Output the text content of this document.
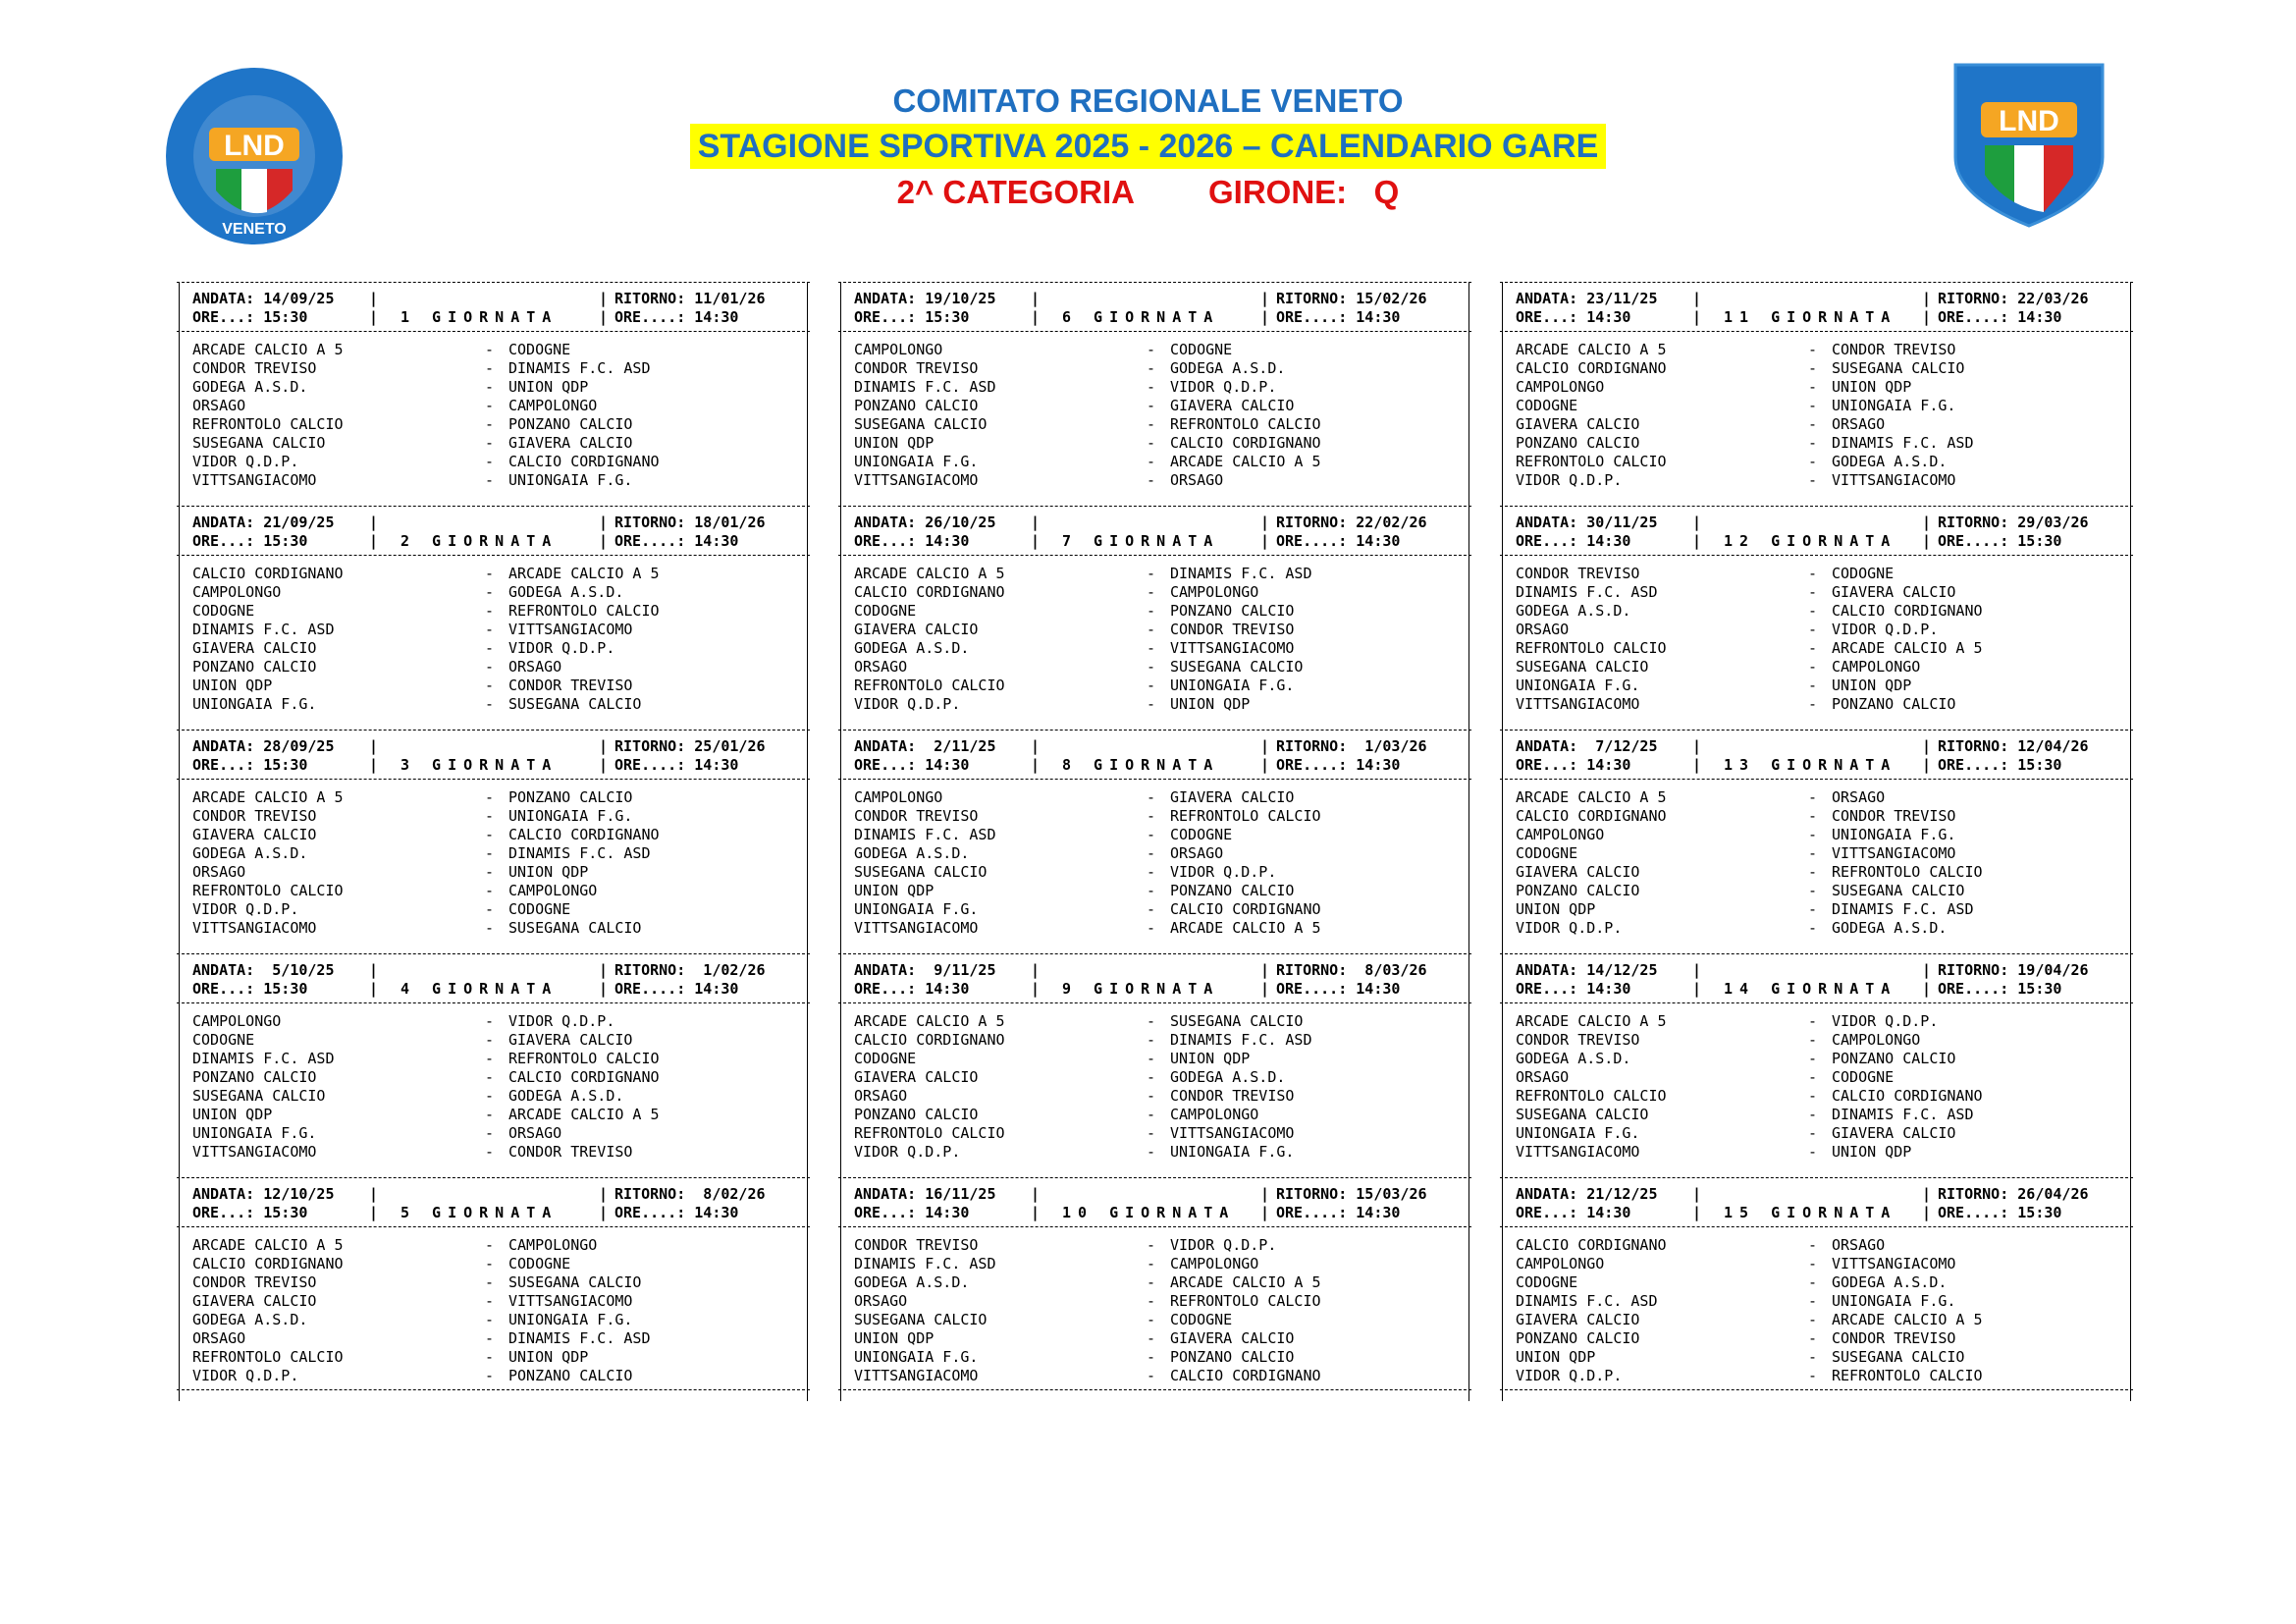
LND
VENETO
LND
COMITATO REGIONALE VENETO
STAGIONE SPORTIVA 2025 - 2026 – CALENDARIO GARE
2^ CATEGORIA GIRONE: Q
ANDATA: 14/09/25 |	| RITORNO: 11/01/26
ORE...: 15:30	| 1 GIORNATA	| ORE....: 14:30
ARCADE CALCIO A 5	- CODOGNE
CONDOR TREVISO	- DINAMIS F.C. ASD
GODEGA A.S.D.	- UNION QDP
ORSAGO	- CAMPOLONGO
REFRONTOLO CALCIO	- PONZANO CALCIO
SUSEGANA CALCIO	- GIAVERA CALCIO
VIDOR Q.D.P.	- CALCIO CORDIGNANO
VITTSANGIACOMO	- UNIONGAIA F.G.
ANDATA: 21/09/25 |	| RITORNO: 18/01/26
ORE...: 15:30	| 2 GIORNATA	| ORE....: 14:30
CALCIO CORDIGNANO	- ARCADE CALCIO A 5
CAMPOLONGO	- GODEGA A.S.D.
CODOGNE	- REFRONTOLO CALCIO
DINAMIS F.C. ASD	- VITTSANGIACOMO
GIAVERA CALCIO	- VIDOR Q.D.P.
PONZANO CALCIO	- ORSAGO
UNION QDP	- CONDOR TREVISO
UNIONGAIA F.G.	- SUSEGANA CALCIO
ANDATA: 28/09/25 |	| RITORNO: 25/01/26
ORE...: 15:30	| 3 GIORNATA	| ORE....: 14:30
ARCADE CALCIO A 5	- PONZANO CALCIO
CONDOR TREVISO	- UNIONGAIA F.G.
GIAVERA CALCIO	- CALCIO CORDIGNANO
GODEGA A.S.D.	- DINAMIS F.C. ASD
ORSAGO	- UNION QDP
REFRONTOLO CALCIO	- CAMPOLONGO
VIDOR Q.D.P.	- CODOGNE
VITTSANGIACOMO	- SUSEGANA CALCIO
ANDATA:  5/10/25 |	| RITORNO:  1/02/26
ORE...: 15:30	| 4 GIORNATA	| ORE....: 14:30
CAMPOLONGO	- VIDOR Q.D.P.
CODOGNE	- GIAVERA CALCIO
DINAMIS F.C. ASD	- REFRONTOLO CALCIO
PONZANO CALCIO	- CALCIO CORDIGNANO
SUSEGANA CALCIO	- GODEGA A.S.D.
UNION QDP	- ARCADE CALCIO A 5
UNIONGAIA F.G.	- ORSAGO
VITTSANGIACOMO	- CONDOR TREVISO
ANDATA: 12/10/25 |	| RITORNO:  8/02/26
ORE...: 15:30	| 5 GIORNATA	| ORE....: 14:30
ARCADE CALCIO A 5	- CAMPOLONGO
CALCIO CORDIGNANO	- CODOGNE
CONDOR TREVISO	- SUSEGANA CALCIO
GIAVERA CALCIO	- VITTSANGIACOMO
GODEGA A.S.D.	- UNIONGAIA F.G.
ORSAGO	- DINAMIS F.C. ASD
REFRONTOLO CALCIO	- UNION QDP
VIDOR Q.D.P.	- PONZANO CALCIO
ANDATA: 19/10/25 |	| RITORNO: 15/02/26
ORE...: 15:30	| 6 GIORNATA	| ORE....: 14:30
CAMPOLONGO	- CODOGNE
CONDOR TREVISO	- GODEGA A.S.D.
DINAMIS F.C. ASD	- VIDOR Q.D.P.
PONZANO CALCIO	- GIAVERA CALCIO
SUSEGANA CALCIO	- REFRONTOLO CALCIO
UNION QDP	- CALCIO CORDIGNANO
UNIONGAIA F.G.	- ARCADE CALCIO A 5
VITTSANGIACOMO	- ORSAGO
ANDATA: 26/10/25 |	| RITORNO: 22/02/26
ORE...: 14:30	| 7 GIORNATA	| ORE....: 14:30
ARCADE CALCIO A 5	- DINAMIS F.C. ASD
CALCIO CORDIGNANO	- CAMPOLONGO
CODOGNE	- PONZANO CALCIO
GIAVERA CALCIO	- CONDOR TREVISO
GODEGA A.S.D.	- VITTSANGIACOMO
ORSAGO	- SUSEGANA CALCIO
REFRONTOLO CALCIO	- UNIONGAIA F.G.
VIDOR Q.D.P.	- UNION QDP
ANDATA:  2/11/25 |	| RITORNO:  1/03/26
ORE...: 14:30	| 8 GIORNATA	| ORE....: 14:30
CAMPOLONGO	- GIAVERA CALCIO
CONDOR TREVISO	- REFRONTOLO CALCIO
DINAMIS F.C. ASD	- CODOGNE
GODEGA A.S.D.	- ORSAGO
SUSEGANA CALCIO	- VIDOR Q.D.P.
UNION QDP	- PONZANO CALCIO
UNIONGAIA F.G.	- CALCIO CORDIGNANO
VITTSANGIACOMO	- ARCADE CALCIO A 5
ANDATA:  9/11/25 |	| RITORNO:  8/03/26
ORE...: 14:30	| 9 GIORNATA	| ORE....: 14:30
ARCADE CALCIO A 5	- SUSEGANA CALCIO
CALCIO CORDIGNANO	- DINAMIS F.C. ASD
CODOGNE	- UNION QDP
GIAVERA CALCIO	- GODEGA A.S.D.
ORSAGO	- CONDOR TREVISO
PONZANO CALCIO	- CAMPOLONGO
REFRONTOLO CALCIO	- VITTSANGIACOMO
VIDOR Q.D.P.	- UNIONGAIA F.G.
ANDATA: 16/11/25 |	| RITORNO: 15/03/26
ORE...: 14:30	| 10 GIORNATA | ORE....: 14:30
CONDOR TREVISO	- VIDOR Q.D.P.
DINAMIS F.C. ASD	- CAMPOLONGO
GODEGA A.S.D.	- ARCADE CALCIO A 5
ORSAGO	- REFRONTOLO CALCIO
SUSEGANA CALCIO	- CODOGNE
UNION QDP	- GIAVERA CALCIO
UNIONGAIA F.G.	- PONZANO CALCIO
VITTSANGIACOMO	- CALCIO CORDIGNANO
ANDATA: 23/11/25 |	| RITORNO: 22/03/26
ORE...: 14:30	| 11 GIORNATA | ORE....: 14:30
ARCADE CALCIO A 5	- CONDOR TREVISO
CALCIO CORDIGNANO	- SUSEGANA CALCIO
CAMPOLONGO	- UNION QDP
CODOGNE	- UNIONGAIA F.G.
GIAVERA CALCIO	- ORSAGO
PONZANO CALCIO	- DINAMIS F.C. ASD
REFRONTOLO CALCIO	- GODEGA A.S.D.
VIDOR Q.D.P.	- VITTSANGIACOMO
ANDATA: 30/11/25 |	| RITORNO: 29/03/26
ORE...: 14:30	| 12 GIORNATA | ORE....: 15:30
CONDOR TREVISO	- CODOGNE
DINAMIS F.C. ASD	- GIAVERA CALCIO
GODEGA A.S.D.	- CALCIO CORDIGNANO
ORSAGO	- VIDOR Q.D.P.
REFRONTOLO CALCIO	- ARCADE CALCIO A 5
SUSEGANA CALCIO	- CAMPOLONGO
UNIONGAIA F.G.	- UNION QDP
VITTSANGIACOMO	- PONZANO CALCIO
ANDATA:  7/12/25 |	| RITORNO: 12/04/26
ORE...: 14:30	| 13 GIORNATA | ORE....: 15:30
ARCADE CALCIO A 5	- ORSAGO
CALCIO CORDIGNANO	- CONDOR TREVISO
CAMPOLONGO	- UNIONGAIA F.G.
CODOGNE	- VITTSANGIACOMO
GIAVERA CALCIO	- REFRONTOLO CALCIO
PONZANO CALCIO	- SUSEGANA CALCIO
UNION QDP	- DINAMIS F.C. ASD
VIDOR Q.D.P.	- GODEGA A.S.D.
ANDATA: 14/12/25 |	| RITORNO: 19/04/26
ORE...: 14:30	| 14 GIORNATA | ORE....: 15:30
ARCADE CALCIO A 5	- VIDOR Q.D.P.
CONDOR TREVISO	- CAMPOLONGO
GODEGA A.S.D.	- PONZANO CALCIO
ORSAGO	- CODOGNE
REFRONTOLO CALCIO	- CALCIO CORDIGNANO
SUSEGANA CALCIO	- DINAMIS F.C. ASD
UNIONGAIA F.G.	- GIAVERA CALCIO
VITTSANGIACOMO	- UNION QDP
ANDATA: 21/12/25 |	| RITORNO: 26/04/26
ORE...: 14:30	| 15 GIORNATA | ORE....: 15:30
CALCIO CORDIGNANO	- ORSAGO
CAMPOLONGO	- VITTSANGIACOMO
CODOGNE	- GODEGA A.S.D.
DINAMIS F.C. ASD	- UNIONGAIA F.G.
GIAVERA CALCIO	- ARCADE CALCIO A 5
PONZANO CALCIO	- CONDOR TREVISO
UNION QDP	- SUSEGANA CALCIO
VIDOR Q.D.P.	- REFRONTOLO CALCIO
